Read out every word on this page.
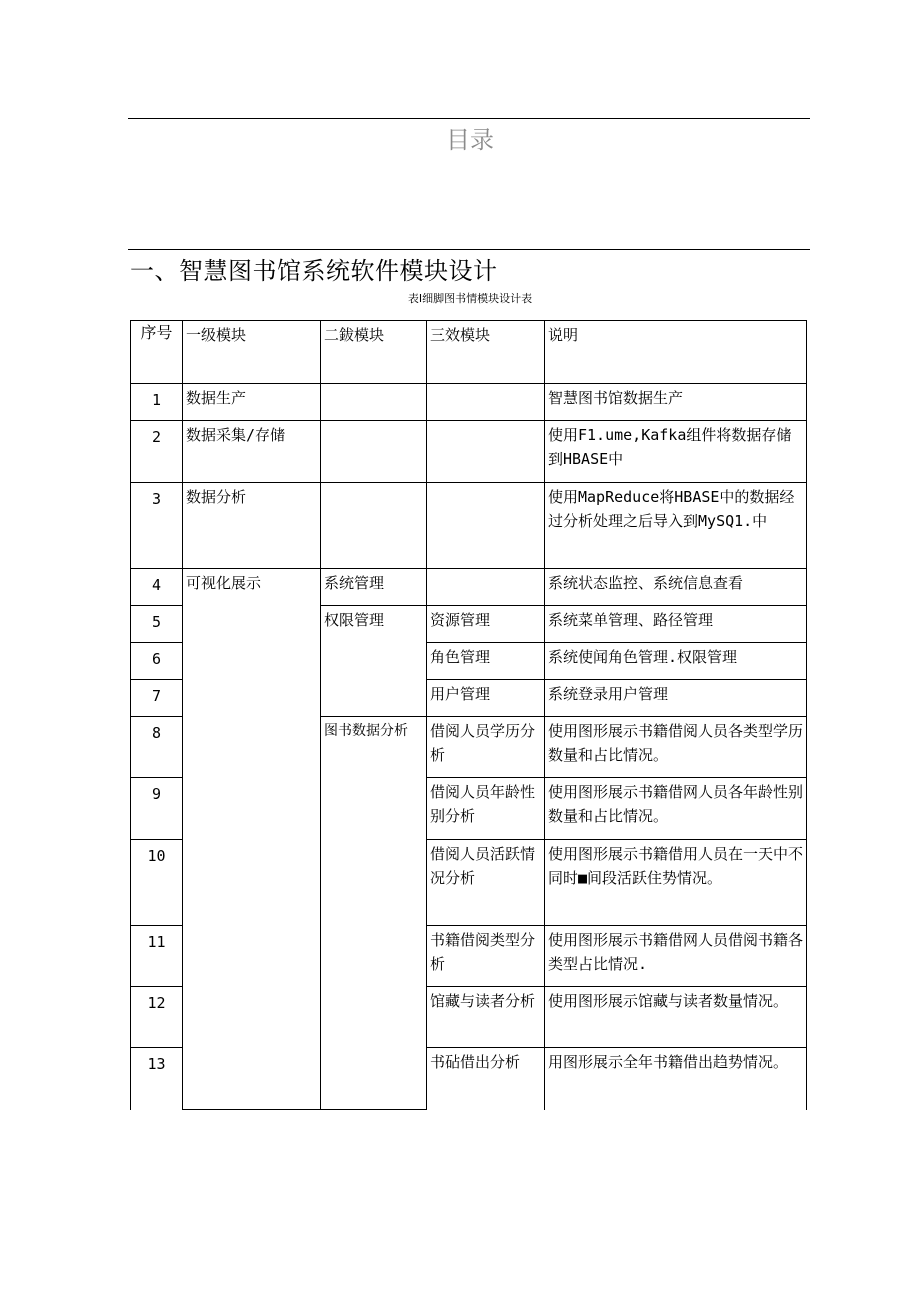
目录
一、智慧图书馆系统软件模块设计
表Ⅰ细脚图书情模块设计表
序号	一级模块	二鈸模块	三效模块	说明
1	数据生产			智慧图书馆数据生产
2	数据采集/存储			使用F1.ume,Kafka组件将数据存储到HBASE中
3	数据分析			使用MapReduce将HBASE中的数据经过分析处理之后导入到MySQ1.中
4	可视化展示	系统管理		系统状态监控、系统信息查看
5		权限管理	资源管理	系统菜单管理、路径管理
6			角色管理	系统使闻角色管理.权限管理
7			用户管理	系统登录用户管理
8		图书数据分析	借阅人员学历分析	使用图形展示书籍借阅人员各类型学历数量和占比情况。
9			借阅人员年龄性别分析	使用图形展示书籍借网人员各年龄性别数量和占比情况。
10			借阅人员活跃情况分析	使用图形展示书籍借用人员在一天中不同时■间段活跃住势情况。
11			书籍借阅类型分析	使用图形展示书籍借网人员借阅书籍各类型占比情况.
12			馆藏与读者分析	使用图形展示馆藏与读者数量情况。
13			书砧借出分析	用图形展示全年书籍借出趋势情况。
